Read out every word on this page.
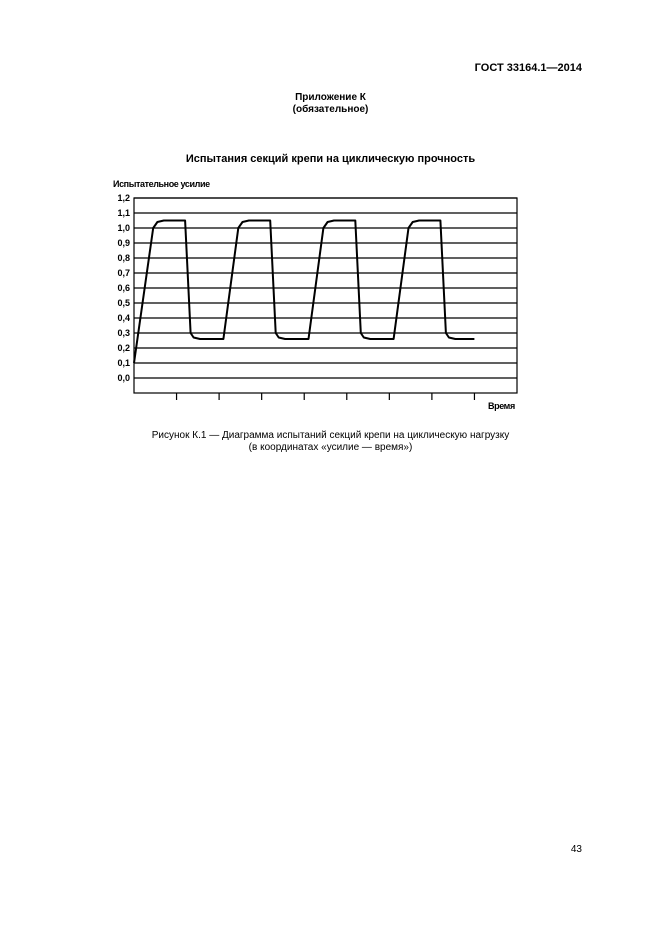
ГОСТ 33164.1—2014
Приложение К
(обязательное)
Испытания секций крепи на циклическую прочность
Испытательное усилие
0,0
0,1
0,2
0,3
0,4
0,5
0,6
0,7
0,8
0,9
1,0
1,1
1,2
Время
Рисунок К.1 — Диаграмма испытаний секций крепи на циклическую нагрузку
(в координатах «усилие — время»)
43
